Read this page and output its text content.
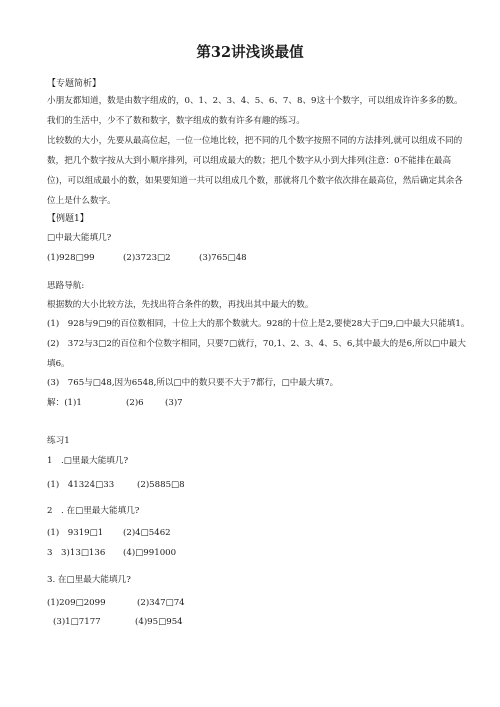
第32讲浅谈最值
【专题简析】
小朋友都知道，数是由数字组成的，0、1、2、3、4、5、6、7、8、9这十个数字，可以组成许许多多的数。
我们的生活中，少不了数和数字，数字组成的数有许多有趣的练习。
比较数的大小，先要从最高位起，一位一位地比较，把不同的几个数字按照不同的方法排列,就可以组成不同的
数，把几个数字按从大到小顺序排列，可以组成最大的数；把几个数字从小到大排列(注意：0不能排在最高
位)，可以组成最小的数，如果要知道一共可以组成几个数，那就将几个数字依次排在最高位，然后确定其余各
位上是什么数字。
【例题1】
□中最大能填几?
(1)928□99	(2)3723□2	(3)765□48
思路导航:
根据数的大小比较方法，先找出符合条件的数，再找出其中最大的数。
(1)　928与9□9的百位数相同，十位上大的那个数就大。928的十位上是2,要使28大于□9,□中最大只能填1。
(2)　372与3□2的百位和个位数字相同，只要7□就行，70,1、2、3、4、5、6,其中最大的是6,所以□中最大
填6。
(3)　765与□48,因为6548,所以□中的数只要不大于7都行，□中最大填7。
解：(1)1	(2)6 (3)7
练习1
1　.□里最大能填几?
(1)　41324□33	(2)5885□8
2　. 在□里最大能填几?
(1)　9319□1 (2)4□5462
3　3)13□136 (4)□991000
3. 在□里最大能填几?
(1)209□2099	(2)347□74
(3)1□7177	(4)95□954
